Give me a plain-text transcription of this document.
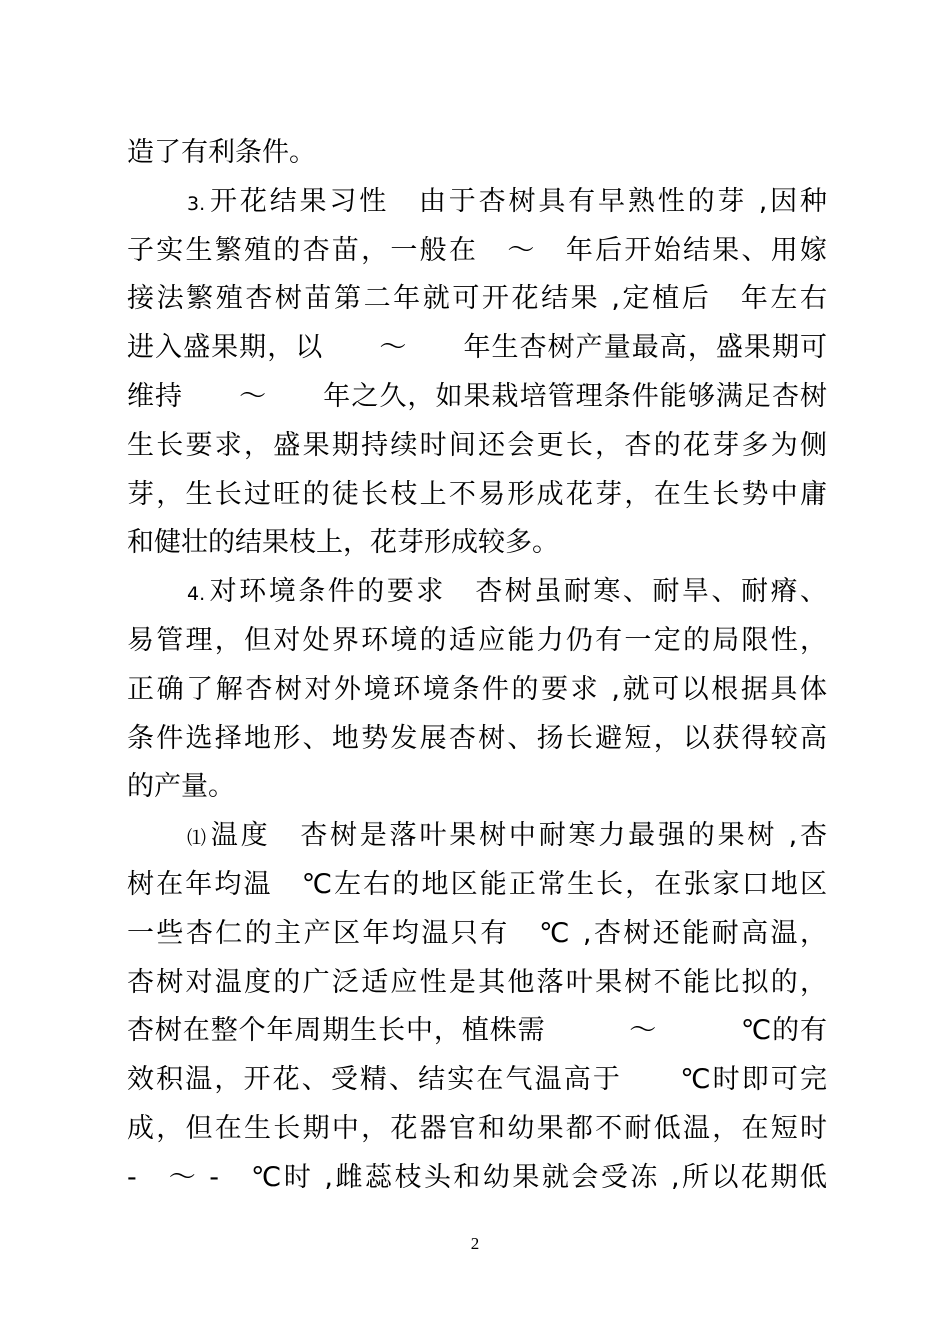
造了有利条件。
3.开花结果习性　由于杏树具有早熟性的芽 ,因种
子实生繁殖的杏苗，一般在　～　年后开始结果、用嫁
接法繁殖杏树苗第二年就可开花结果 ,定植后　年左右
进入盛果期，以　　～　　年生杏树产量最高，盛果期可
维持　　～　　年之久，如果栽培管理条件能够满足杏树
生长要求，盛果期持续时间还会更长，杏的花芽多为侧
芽，生长过旺的徒长枝上不易形成花芽，在生长势中庸
和健壮的结果枝上，花芽形成较多。
4.对环境条件的要求　杏树虽耐寒、耐旱、耐瘠、
易管理，但对处界环境的适应能力仍有一定的局限性，
正确了解杏树对外境环境条件的要求 ,就可以根据具体
条件选择地形、地势发展杏树、扬长避短，以获得较高
的产量。
⑴温度　杏树是落叶果树中耐寒力最强的果树 ,杏
树在年均温　℃左右的地区能正常生长，在张家口地区
一些杏仁的主产区年均温只有　℃ ,杏树还能耐高温，
杏树对温度的广泛适应性是其他落叶果树不能比拟的，
杏树在整个年周期生长中，植株需　　　～　　　℃的有
效积温，开花、受精、结实在气温高于　　℃时即可完
成，但在生长期中，花器官和幼果都不耐低温，在短时
-　～ -　℃时 ,雌蕊枝头和幼果就会受冻 ,所以花期低
2
